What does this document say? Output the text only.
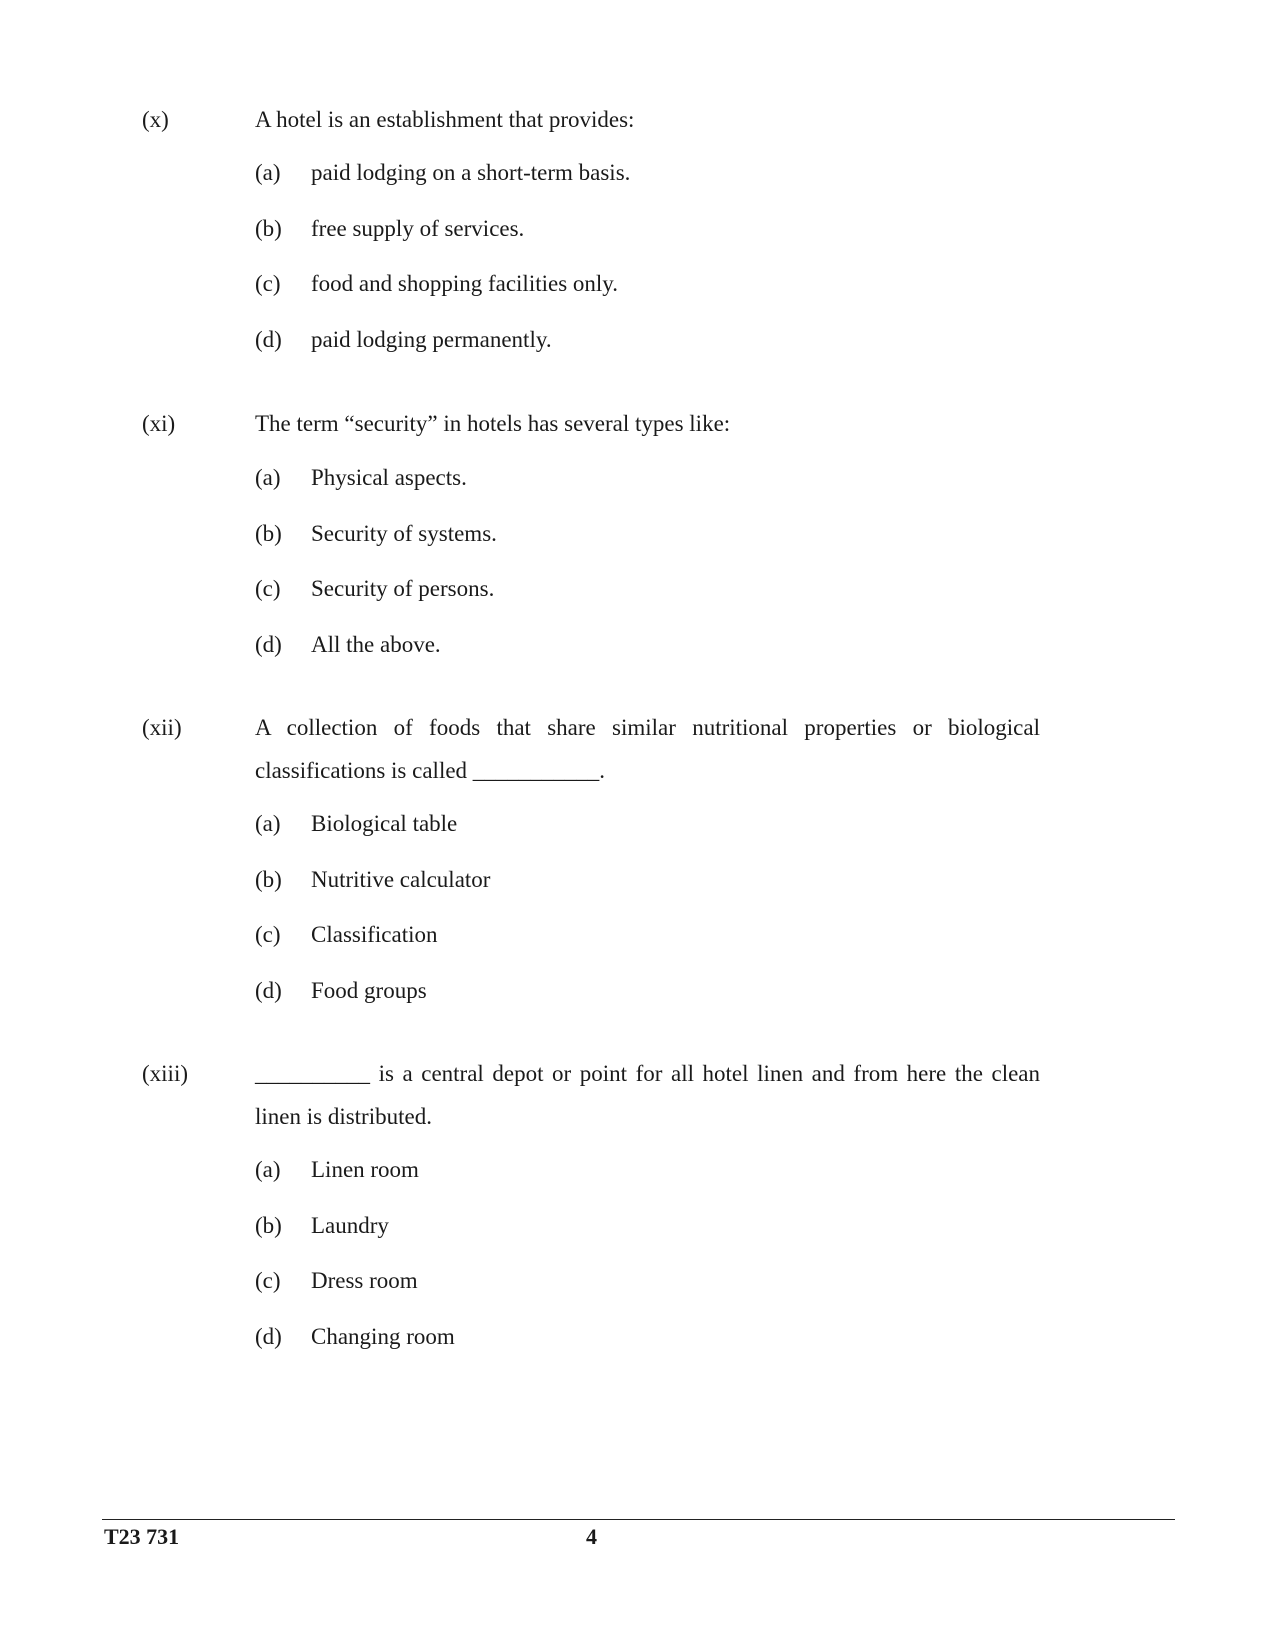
(x)	A hotel is an establishment that provides:
(a) paid lodging on a short-term basis.
(b) free supply of services.
(c) food and shopping facilities only.
(d) paid lodging permanently.
(xi)	The term “security” in hotels has several types like:
(a) Physical aspects.
(b) Security of systems.
(c) Security of persons.
(d) All the above.
(xii)	A collection of foods that share similar nutritional properties or biological classifications is called ___________.
(a) Biological table
(b) Nutritive calculator
(c) Classification
(d) Food groups
(xiii)	__________ is a central depot or point for all hotel linen and from here the clean linen is distributed.
(a) Linen room
(b) Laundry
(c) Dress room
(d) Changing room
T23 731	4
